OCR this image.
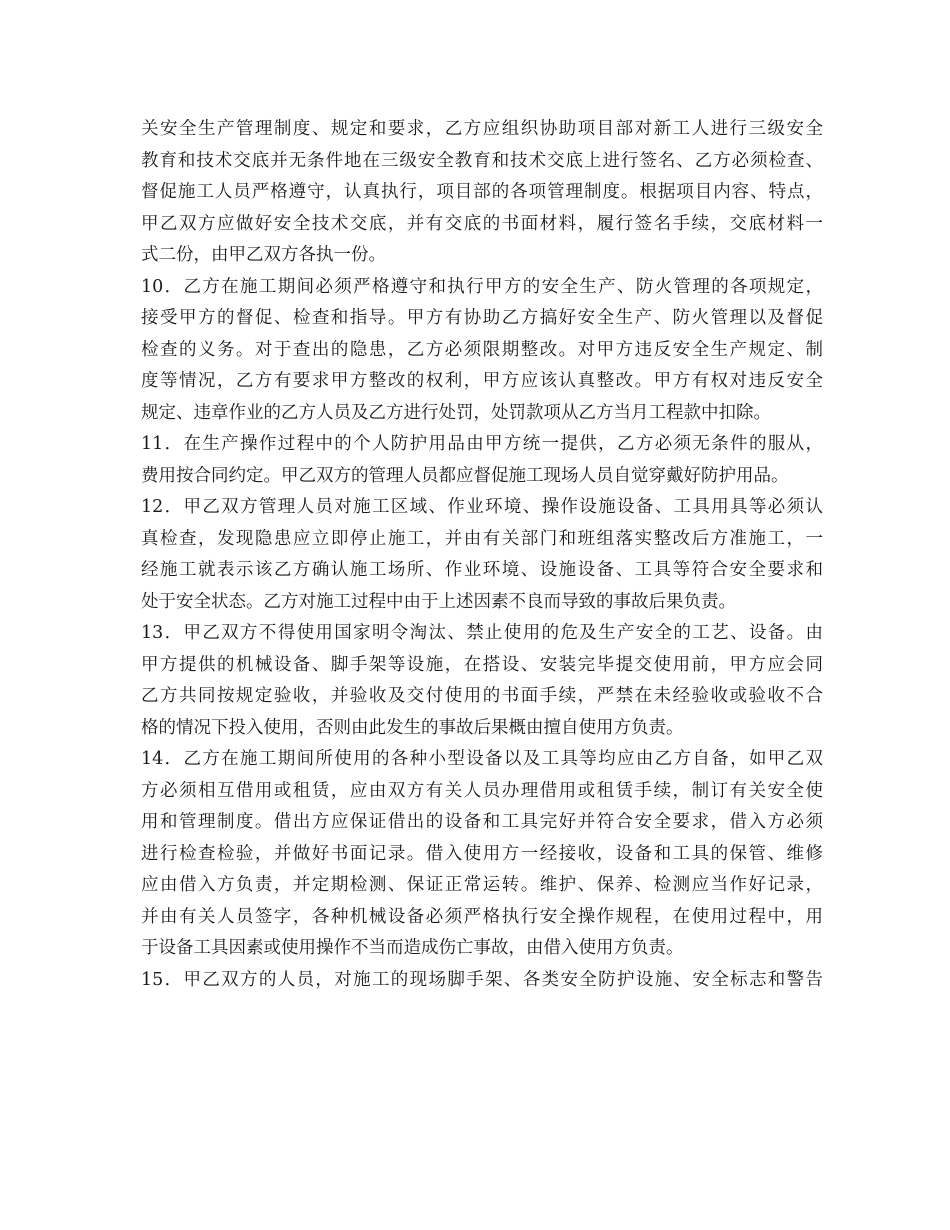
关安全生产管理制度、规定和要求，乙方应组织协助项目部对新工人进行三级安全
教育和技术交底并无条件地在三级安全教育和技术交底上进行签名、乙方必须检查、
督促施工人员严格遵守，认真执行，项目部的各项管理制度。根据项目内容、特点，
甲乙双方应做好安全技术交底，并有交底的书面材料，履行签名手续，交底材料一
式二份，由甲乙双方各执一份。
10．乙方在施工期间必须严格遵守和执行甲方的安全生产、防火管理的各项规定，
接受甲方的督促、检查和指导。甲方有协助乙方搞好安全生产、防火管理以及督促
检查的义务。对于查出的隐患，乙方必须限期整改。对甲方违反安全生产规定、制
度等情况，乙方有要求甲方整改的权利，甲方应该认真整改。甲方有权对违反安全
规定、违章作业的乙方人员及乙方进行处罚，处罚款项从乙方当月工程款中扣除。
11．在生产操作过程中的个人防护用品由甲方统一提供，乙方必须无条件的服从，
费用按合同约定。甲乙双方的管理人员都应督促施工现场人员自觉穿戴好防护用品。
12．甲乙双方管理人员对施工区域、作业环境、操作设施设备、工具用具等必须认
真检查，发现隐患应立即停止施工，并由有关部门和班组落实整改后方准施工，一
经施工就表示该乙方确认施工场所、作业环境、设施设备、工具等符合安全要求和
处于安全状态。乙方对施工过程中由于上述因素不良而导致的事故后果负责。
13．甲乙双方不得使用国家明令淘汰、禁止使用的危及生产安全的工艺、设备。由
甲方提供的机械设备、脚手架等设施，在搭设、安装完毕提交使用前，甲方应会同
乙方共同按规定验收，并验收及交付使用的书面手续，严禁在未经验收或验收不合
格的情况下投入使用，否则由此发生的事故后果概由擅自使用方负责。
14．乙方在施工期间所使用的各种小型设备以及工具等均应由乙方自备，如甲乙双
方必须相互借用或租赁，应由双方有关人员办理借用或租赁手续，制订有关安全使
用和管理制度。借出方应保证借出的设备和工具完好并符合安全要求，借入方必须
进行检查检验，并做好书面记录。借入使用方一经接收，设备和工具的保管、维修
应由借入方负责，并定期检测、保证正常运转。维护、保养、检测应当作好记录，
并由有关人员签字，各种机械设备必须严格执行安全操作规程，在使用过程中，用
于设备工具因素或使用操作不当而造成伤亡事故，由借入使用方负责。
15．甲乙双方的人员，对施工的现场脚手架、各类安全防护设施、安全标志和警告
